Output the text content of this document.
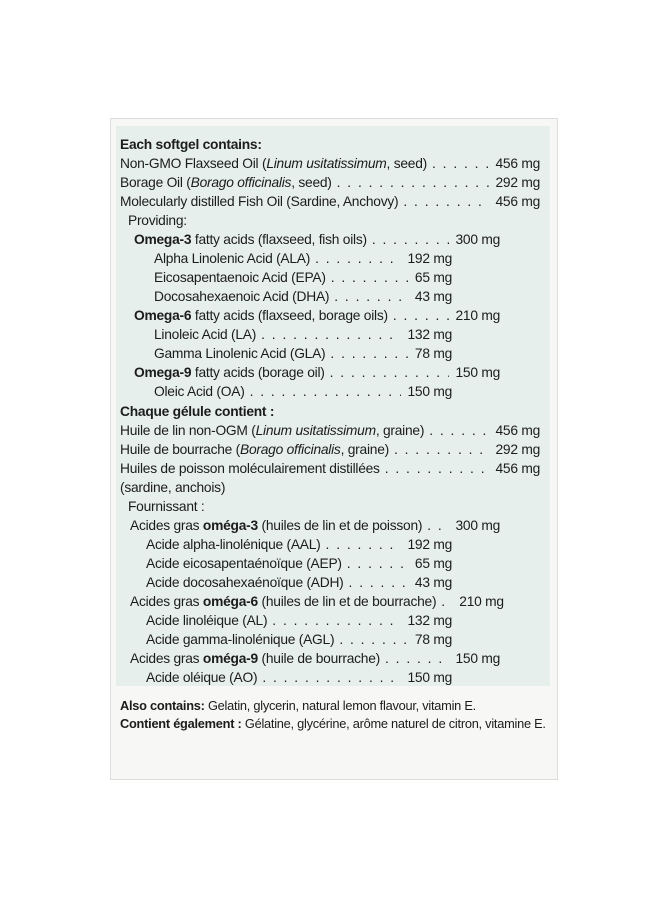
Each softgel contains:
Non-GMO Flaxseed Oil (Linum usitatissimum, seed) . . .	456 mg
Borage Oil (Borago officinalis, seed) . . .	292 mg
Molecularly distilled Fish Oil (Sardine, Anchovy) . . .	456 mg
Providing:
Omega-3 fatty acids (flaxseed, fish oils) . . .	300 mg
Alpha Linolenic Acid (ALA) . . .	192 mg
Eicosapentaenoic Acid (EPA) . . .	65 mg
Docosahexaenoic Acid (DHA) . . .	43 mg
Omega-6 fatty acids (flaxseed, borage oils) . . .	210 mg
Linoleic Acid (LA) . . .	132 mg
Gamma Linolenic Acid (GLA) . . .	78 mg
Omega-9 fatty acids (borage oil) . . .	150 mg
Oleic Acid (OA) . . .	150 mg
Chaque gélule contient :
Huile de lin non-OGM (Linum usitatissimum, graine) . . .	456 mg
Huile de bourrache (Borago officinalis, graine) . . .	292 mg
Huiles de poisson moléculairement distillées . . .	456 mg
(sardine, anchois)
Fournissant :
Acides gras oméga-3 (huiles de lin et de poisson) . . . 300 mg
Acide alpha-linolénique (AAL) . . .	192 mg
Acide eicosapentaénoïque (AEP) . . .	65 mg
Acide docosahexaénoïque (ADH) . . .	43 mg
Acides gras oméga-6 (huiles de lin et de bourrache) . . . 210 mg
Acide linoléique (AL) . . .	132 mg
Acide gamma-linolénique (AGL) . . .	78 mg
Acides gras oméga-9 (huile de bourrache) . . .	150 mg
Acide oléique (AO) . . .	150 mg
Also contains: Gelatin, glycerin, natural lemon flavour, vitamin E.
Contient également : Gélatine, glycérine, arôme naturel de citron, vitamine E.
